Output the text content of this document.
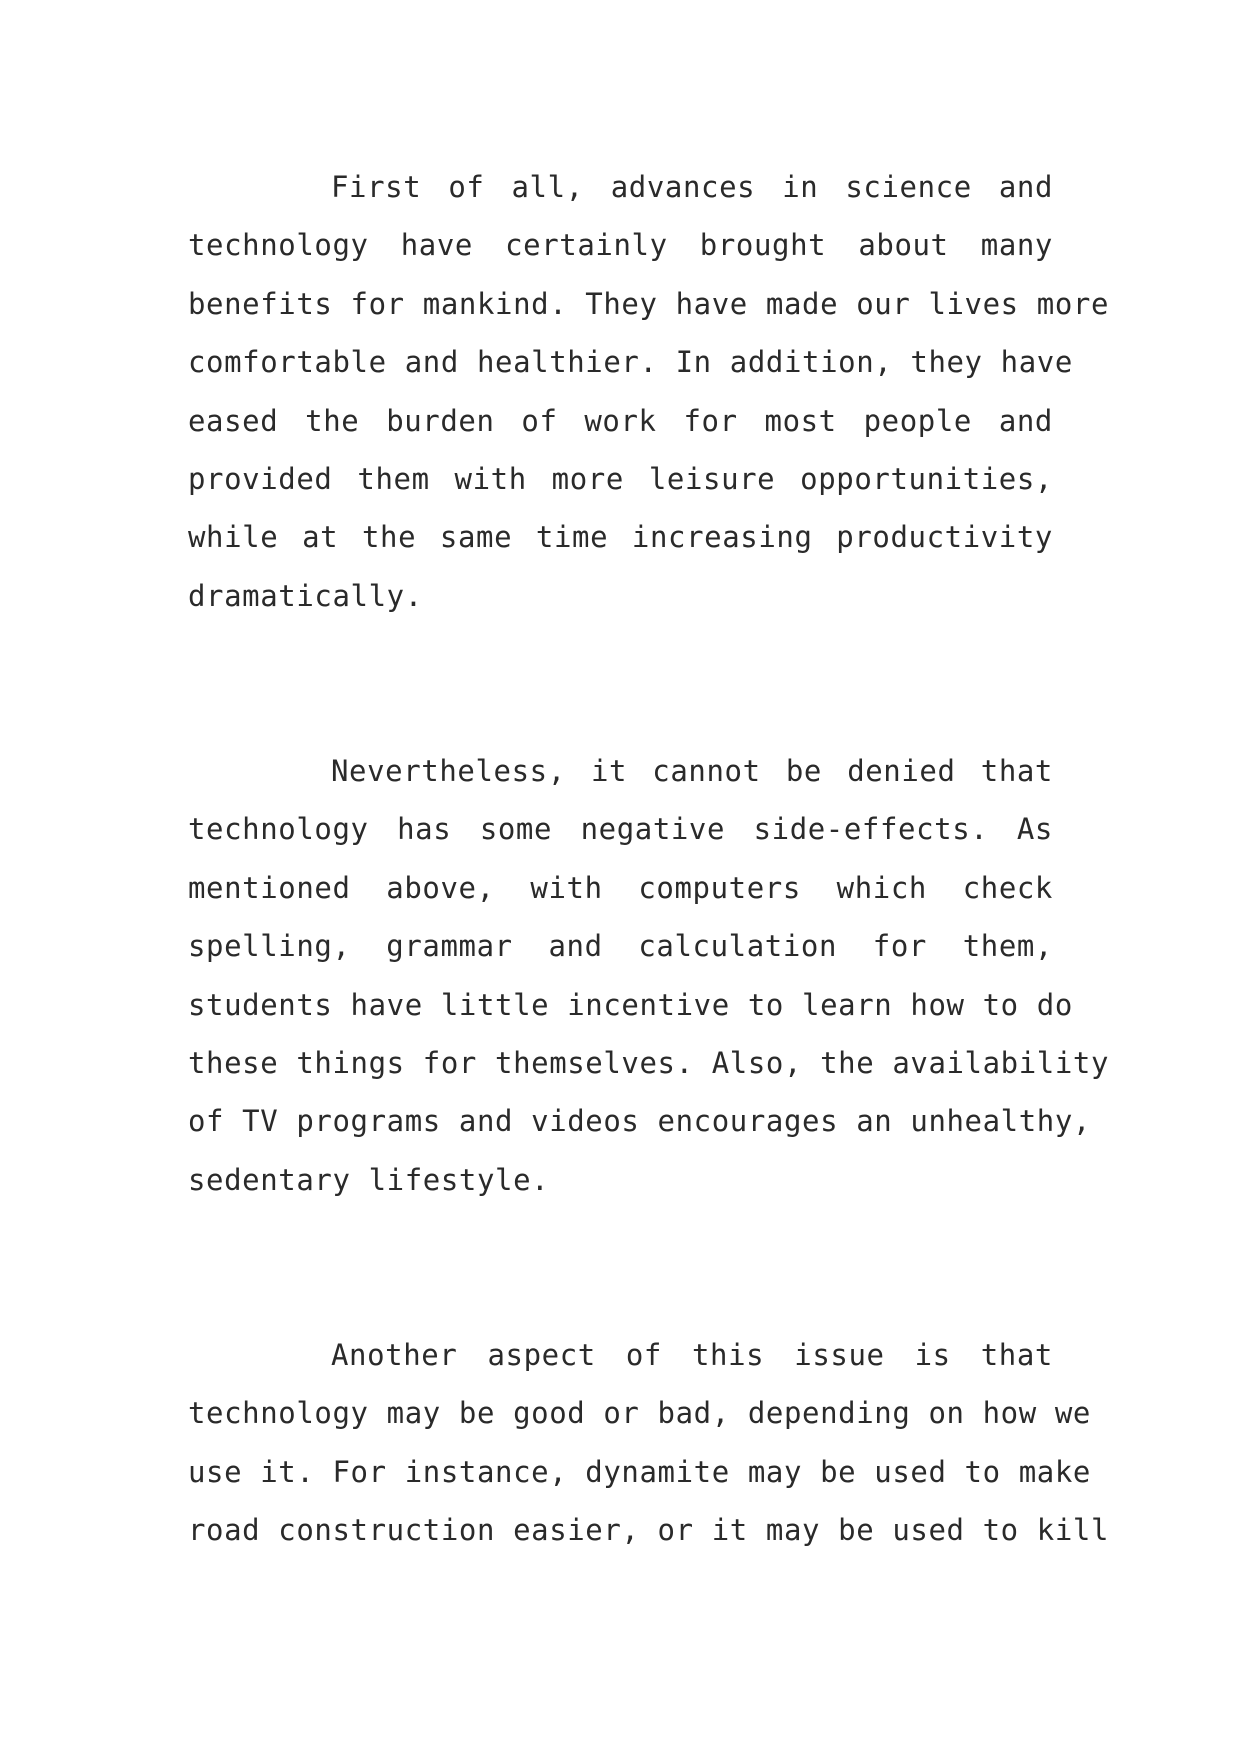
First of all, advances in science and
technology have certainly brought about many
benefits for mankind. They have made our lives more
comfortable and healthier. In addition, they have
eased the burden of work for most people and
provided them with more leisure opportunities,
while at the same time increasing productivity
dramatically.
Nevertheless, it cannot be denied that
technology has some negative side-effects. As
mentioned above, with computers which check
spelling, grammar and calculation for them,
students have little incentive to learn how to do
these things for themselves. Also, the availability
of TV programs and videos encourages an unhealthy,
sedentary lifestyle.
Another aspect of this issue is that
technology may be good or bad, depending on how we
use it. For instance, dynamite may be used to make
road construction easier, or it may be used to kill
